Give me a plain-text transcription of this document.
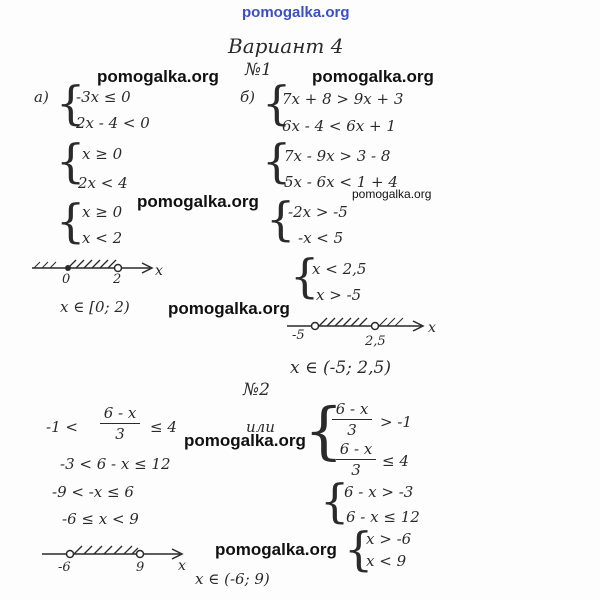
pomogalka.org
Вариант 4
№1
pomogalka.org	pomogalka.org
pomogalka.org	pomogalka.org
pomogalka.org
pomogalka.org
pomogalka.org
а) {
-3x ≤ 0
2x - 4 < 0
{
x ≥ 0
2x < 4
{
x ≥ 0
x < 2
0	2
x
x ∈ [0; 2)
б) {
7x + 8 > 9x + 3
6x - 4 < 6x + 1
{
7x - 9x > 3 - 8
5x - 6x < 1 + 4
{
-2x > -5
-x < 5
{
x < 2,5
x > -5
-5	2,5
x
x ∈ (-5; 2,5)
№2
-1 <
6 - x
3	≤ 4
-3 < 6 - x ≤ 12
-9 < -x ≤ 6
-6 ≤ x < 9
-6	9 x
x ∈ (-6; 9)
или {
6 - x
3	> -1
6 - x
3	≤ 4
{
6 - x > -3
6 - x ≤ 12
{
x > -6
x < 9
